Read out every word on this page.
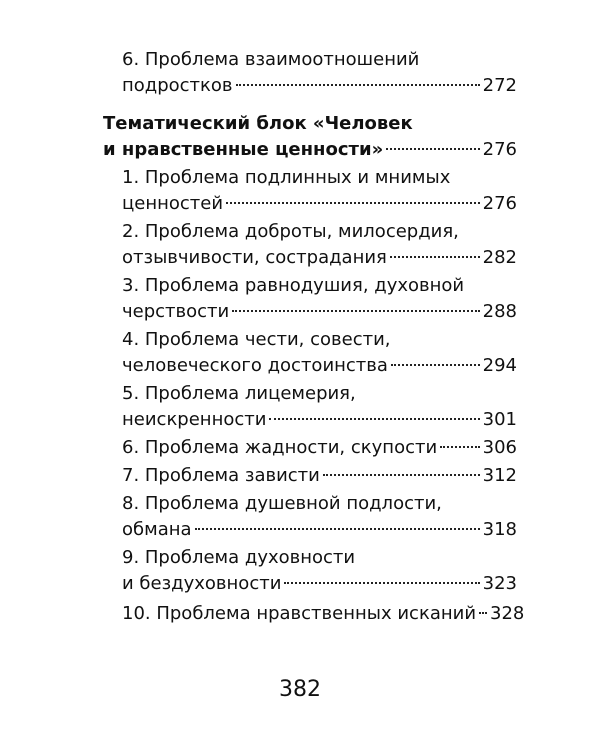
6. Проблема взаимоотношений
подростков	272
Тематический блок «Человек
и нравственные ценности»	276
1. Проблема подлинных и мнимых
ценностей	276
2. Проблема доброты, милосердия,
отзывчивости, сострадания	282
3. Проблема равнодушия, духовной
черствости	288
4. Проблема чести, совести,
человеческого достоинства	294
5. Проблема лицемерия,
неискренности	301
6. Проблема жадности, скупости	306
7. Проблема зависти	312
8. Проблема душевной подлости,
обмана	318
9. Проблема духовности
и бездуховности	323
10. Проблема нравственных исканий 328
382
